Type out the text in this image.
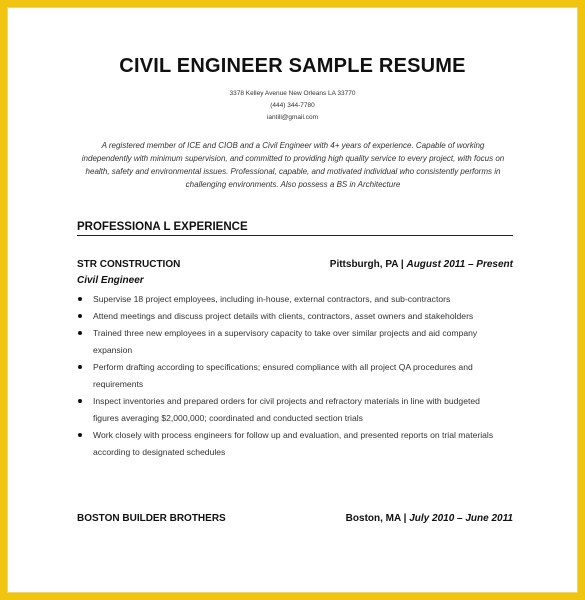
CIVIL ENGINEER SAMPLE RESUME
3378 Kelley Avenue New Orleans LA 33770
(444) 344-7780
iantill@gmail.com
A registered member of ICE and CIOB and a Civil Engineer with 4+ years of experience. Capable of working independently with minimum supervision, and committed to providing high quality service to every project, with focus on health, safety and environmental issues. Professional, capable, and motivated individual who consistently performs in challenging environments. Also possess a BS in Architecture
PROFESSIONA L EXPERIENCE
STR CONSTRUCTION	Pittsburgh, PA | August 2011 – Present
Civil Engineer
Supervise 18 project employees, including in-house, external contractors, and sub-contractors
Attend meetings and discuss project details with clients, contractors, asset owners and stakeholders
Trained three new employees in a supervisory capacity to take over similar projects and aid company expansion
Perform drafting according to specifications; ensured compliance with all project QA procedures and requirements
Inspect inventories and prepared orders for civil projects and refractory materials in line with budgeted figures averaging $2,000,000; coordinated and conducted section trials
Work closely with process engineers for follow up and evaluation, and presented reports on trial materials according to designated schedules
BOSTON BUILDER BROTHERS	Boston, MA | July 2010 – June 2011
